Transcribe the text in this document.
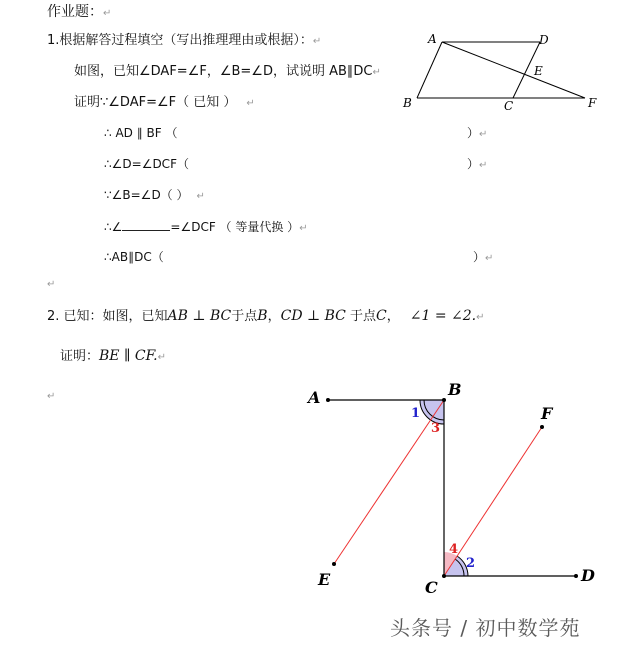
作业题：↵
1.根据解答过程填空（写出推理理由或根据）：↵
如图，已知∠DAF=∠F，∠B=∠D，试说明 AB∥DC↵
证明∵∠DAF=∠F（ 已知 ） ↵
∴ AD ∥ BF （	）↵
∴∠D=∠DCF（	）↵
∵∠B=∠D（ ） ↵
∴∠	=∠DCF （ 等量代换 ）↵
∴AB∥DC（	）↵
↵
A	D
E
B	C	F
2. 已知：如图，已知AB ⊥ BC于点B，CD ⊥ BC 于点C， ∠1 = ∠2.↵
证明：BE ∥ CF.↵
↵	A	B
C
D
E
F
1
3
4
2
头条号 / 初中数学苑
